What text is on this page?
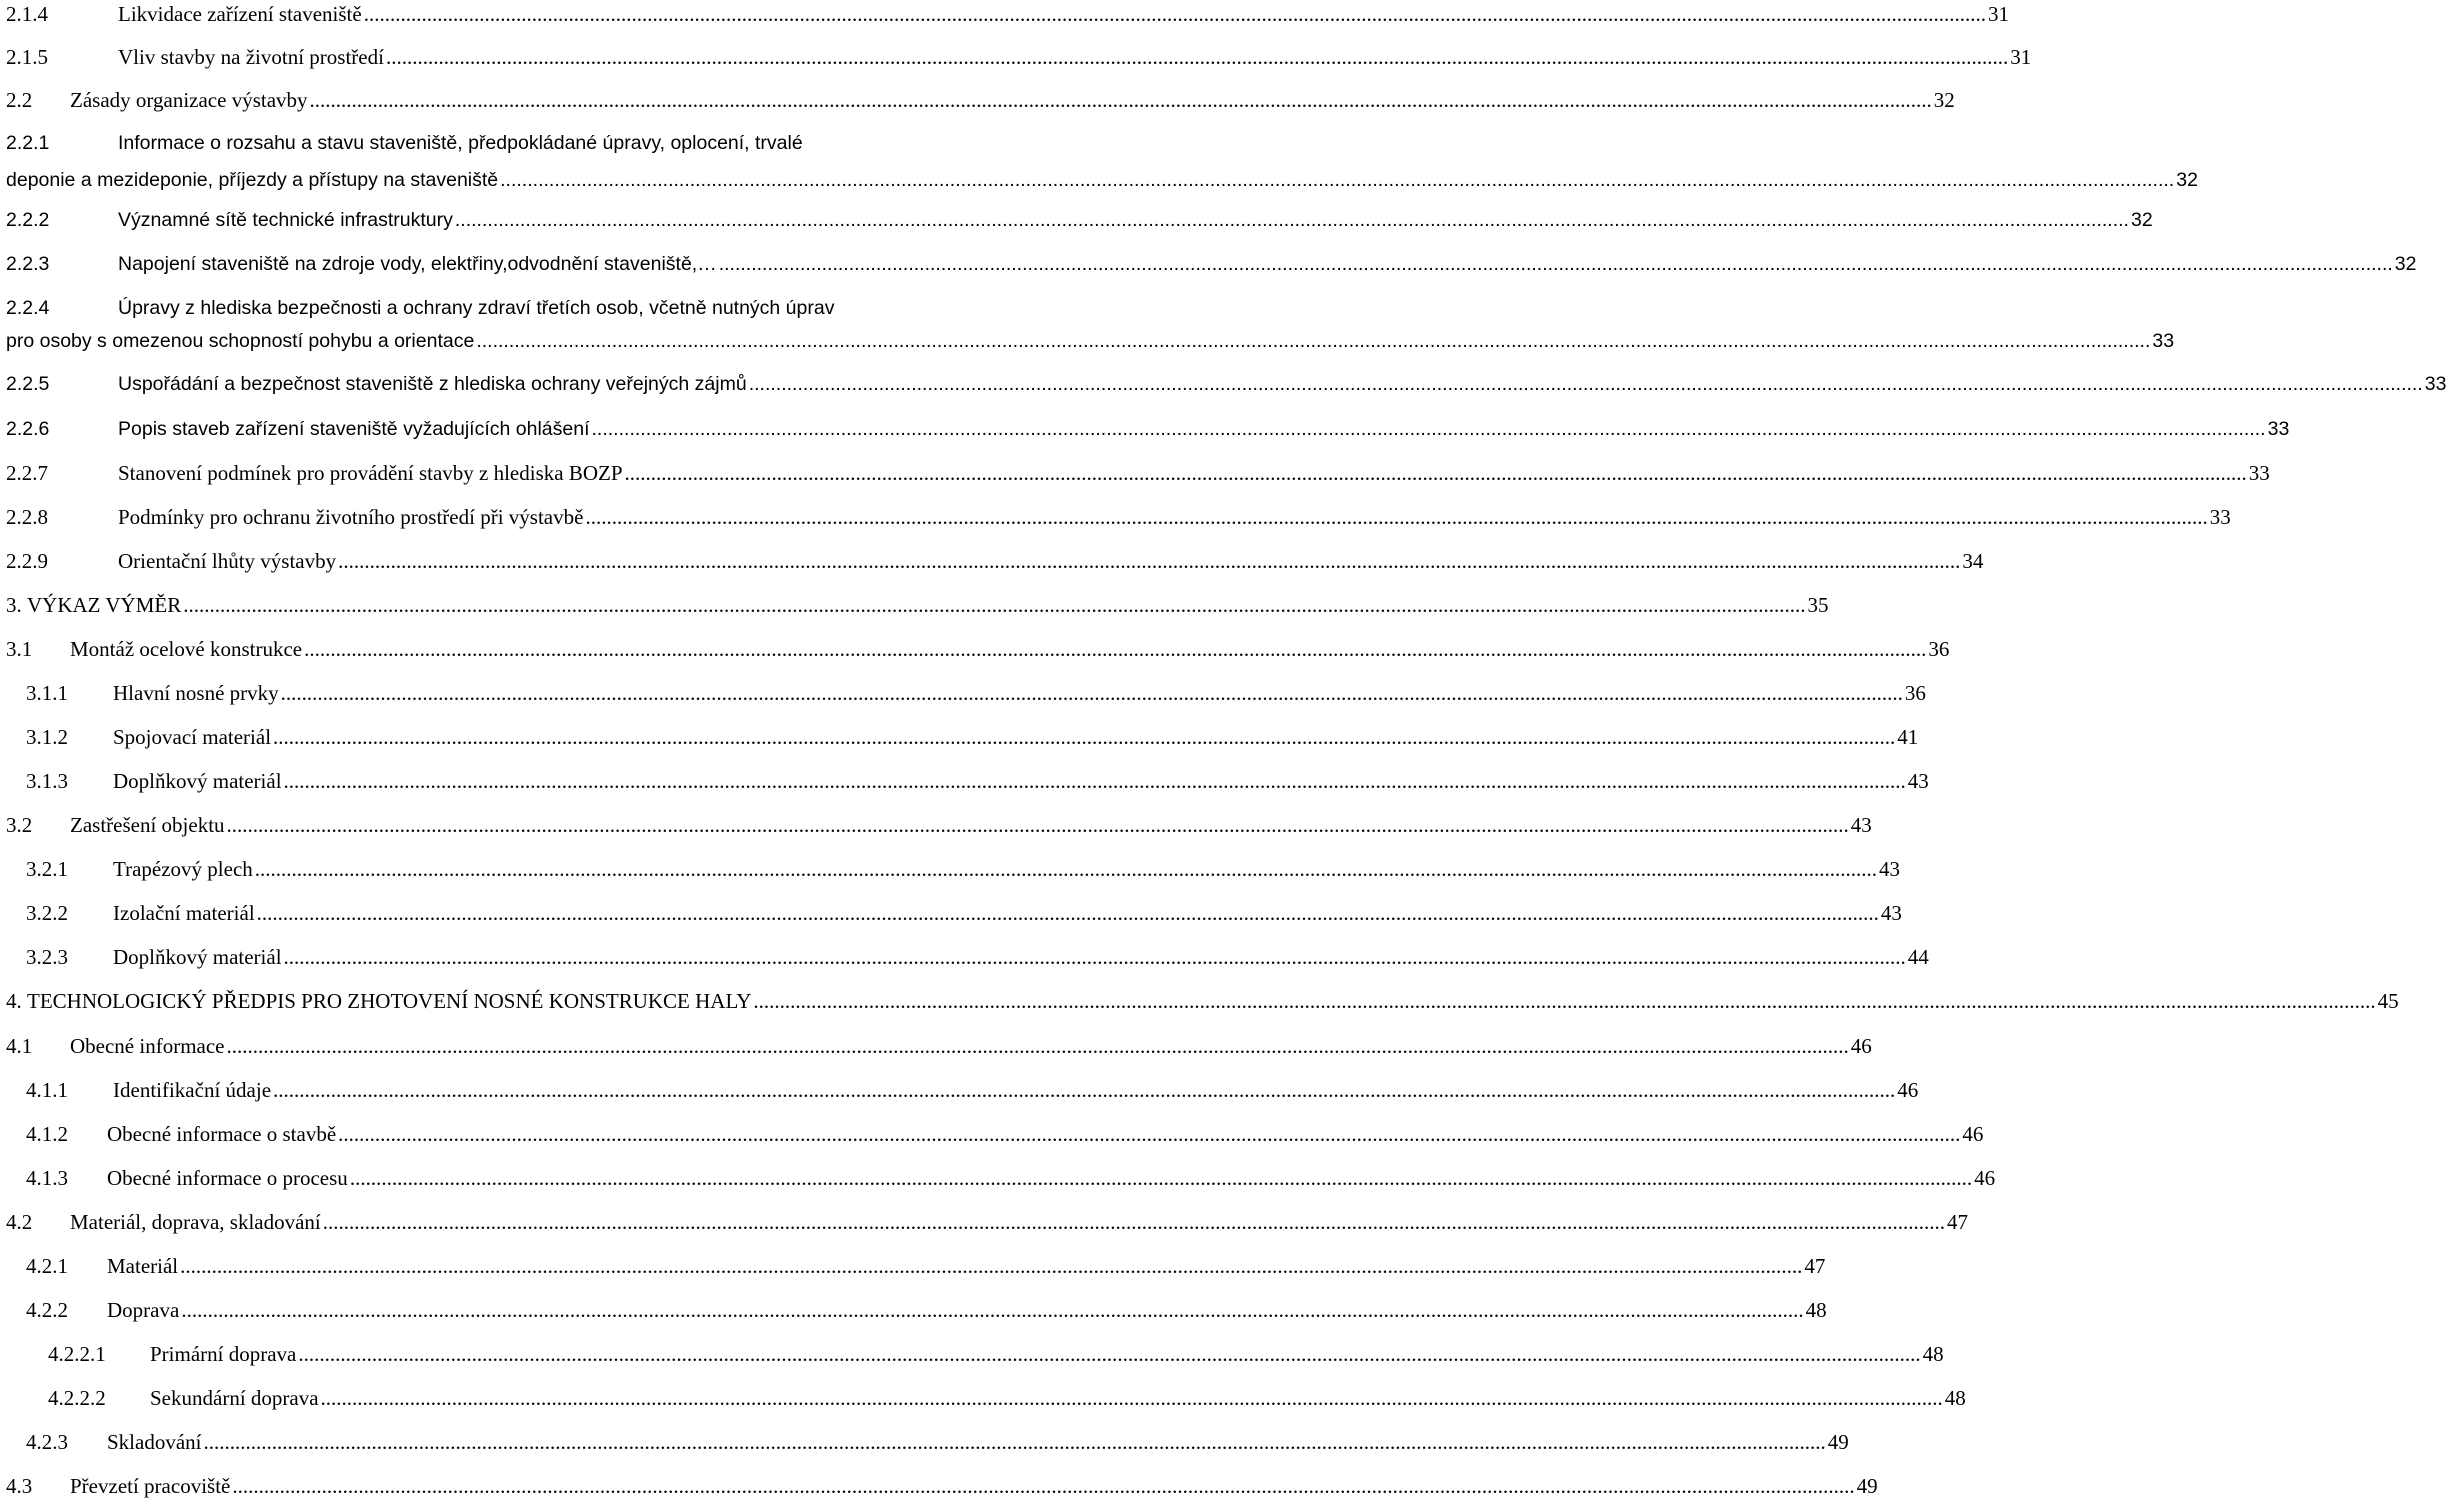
2.1.4	Likvidace zařízení staveniště .....	31
2.1.5	Vliv stavby na životní prostředí .....	31
2.2	Zásady organizace výstavby .....	32
2.2.1	Informace o rozsahu a stavu staveniště, předpokládané úpravy, oplocení, trvalé
deponie a mezideponie, příjezdy a přístupy na staveniště .....	32
2.2.2	Významné sítě technické infrastruktury .....	32
2.2.3	Napojení staveniště na zdroje vody, elektřiny,odvodnění staveniště,… .....	32
2.2.4	Úpravy z hlediska bezpečnosti a ochrany zdraví třetích osob, včetně nutných úprav
pro osoby s omezenou schopností pohybu a orientace .....	33
2.2.5	Uspořádání a bezpečnost staveniště z hlediska ochrany veřejných zájmů .....	33
2.2.6	Popis staveb zařízení staveniště vyžadujících ohlášení .....	33
2.2.7	Stanovení podmínek pro provádění stavby z hlediska BOZP .....	33
2.2.8	Podmínky pro ochranu životního prostředí při výstavbě .....	33
2.2.9	Orientační lhůty výstavby .....	34
3. VÝKAZ VÝMĚR .....	35
3.1	Montáž ocelové konstrukce .....	36
3.1.1	Hlavní nosné prvky .....	36
3.1.2	Spojovací materiál .....	41
3.1.3	Doplňkový materiál .....	43
3.2	Zastřešení objektu .....	43
3.2.1	Trapézový plech .....	43
3.2.2	Izolační materiál .....	43
3.2.3	Doplňkový materiál .....	44
4. TECHNOLOGICKÝ PŘEDPIS PRO ZHOTOVENÍ NOSNÉ KONSTRUKCE HALY .....	45
4.1	Obecné informace .....	46
4.1.1	Identifikační údaje .....	46
4.1.2	Obecné informace o stavbě .....	46
4.1.3	Obecné informace o procesu .....	46
4.2	Materiál, doprava, skladování .....	47
4.2.1	Materiál .....	47
4.2.2	Doprava .....	48
4.2.2.1	Primární doprava .....	48
4.2.2.2	Sekundární doprava .....	48
4.2.3	Skladování .....	49
4.3	Převzetí pracoviště .....	49
